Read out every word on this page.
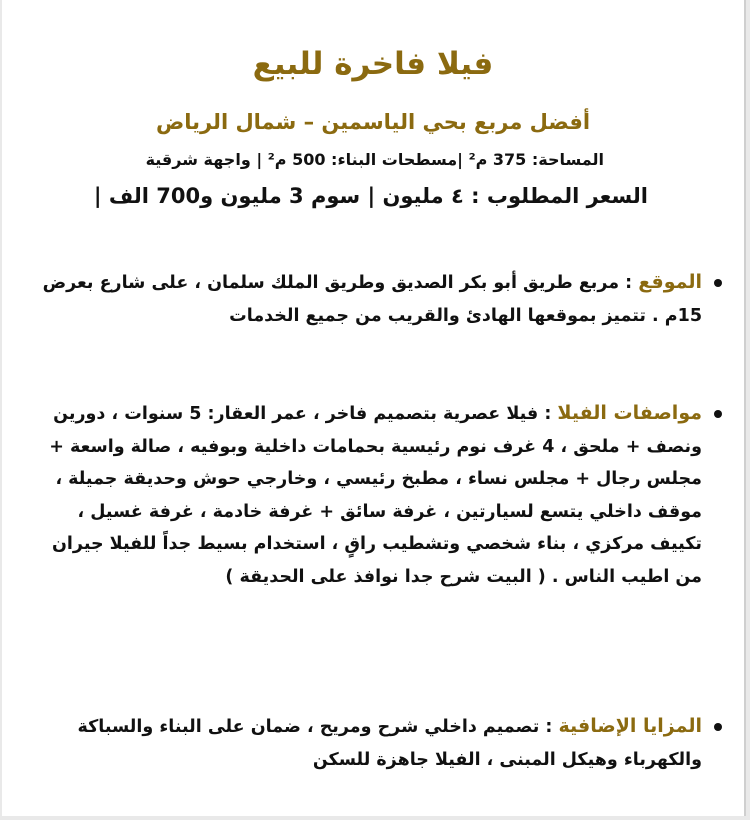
فيلا فاخرة للبيع
أفضل مربع بحي الياسمين – شمال الرياض
المساحة: 375 م² |مسطحات البناء: 500 م² | واجهة شرقية
السعر المطلوب : ٤ مليون | سوم 3 مليون و700 الف |
الموقع : مربع طريق أبو بكر الصديق وطريق الملك سلمان ، على شارع بعرض 15م . تتميز بموقعها الهادئ والقريب من جميع الخدمات
مواصفات الفيلا : فيلا عصرية بتصميم فاخر ، عمر العقار: 5 سنوات ، دورين ونصف + ملحق ، 4 غرف نوم رئيسية بحمامات داخلية وبوفيه ، صالة واسعة + مجلس رجال + مجلس نساء ، مطبخ رئيسي ، وخارجي حوش وحديقة جميلة ، موقف داخلي يتسع لسيارتين ، غرفة سائق + غرفة خادمة ، غرفة غسيل ، تكييف مركزي ، بناء شخصي وتشطيب راقٍ ، استخدام بسيط جداً للفيلا جيران من اطيب الناس . ( البيت شرح جدا نوافذ على الحديقة )
المزايا الإضافية : تصميم داخلي شرح ومريح ، ضمان على البناء والسباكة والكهرباء وهيكل المبنى ، الفيلا جاهزة للسكن
